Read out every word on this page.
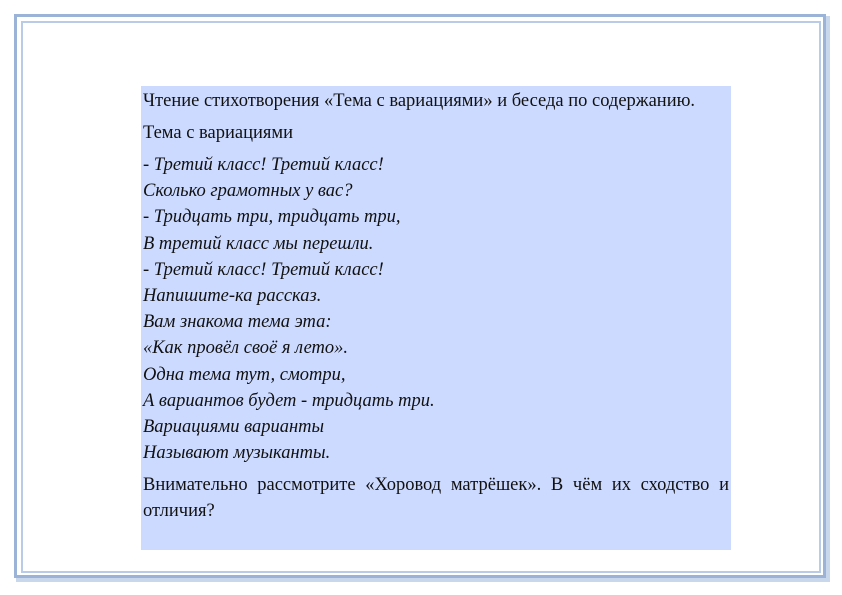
Чтение стихотворения «Тема с вариациями» и беседа по содержанию.

Тема с вариациями

- Третий класс! Третий класс!
Сколько грамотных у вас?
- Тридцать три, тридцать три,
В третий класс мы перешли.
- Третий класс! Третий класс!
Напишите-ка рассказ.
Вам знакома тема эта:
«Как провёл своё я лето».
Одна тема тут, смотри,
А вариантов будет - тридцать три.
Вариациями варианты
Называют музыканты.

Внимательно рассмотрите «Хоровод матрёшек». В чём их сходство и отличия?
